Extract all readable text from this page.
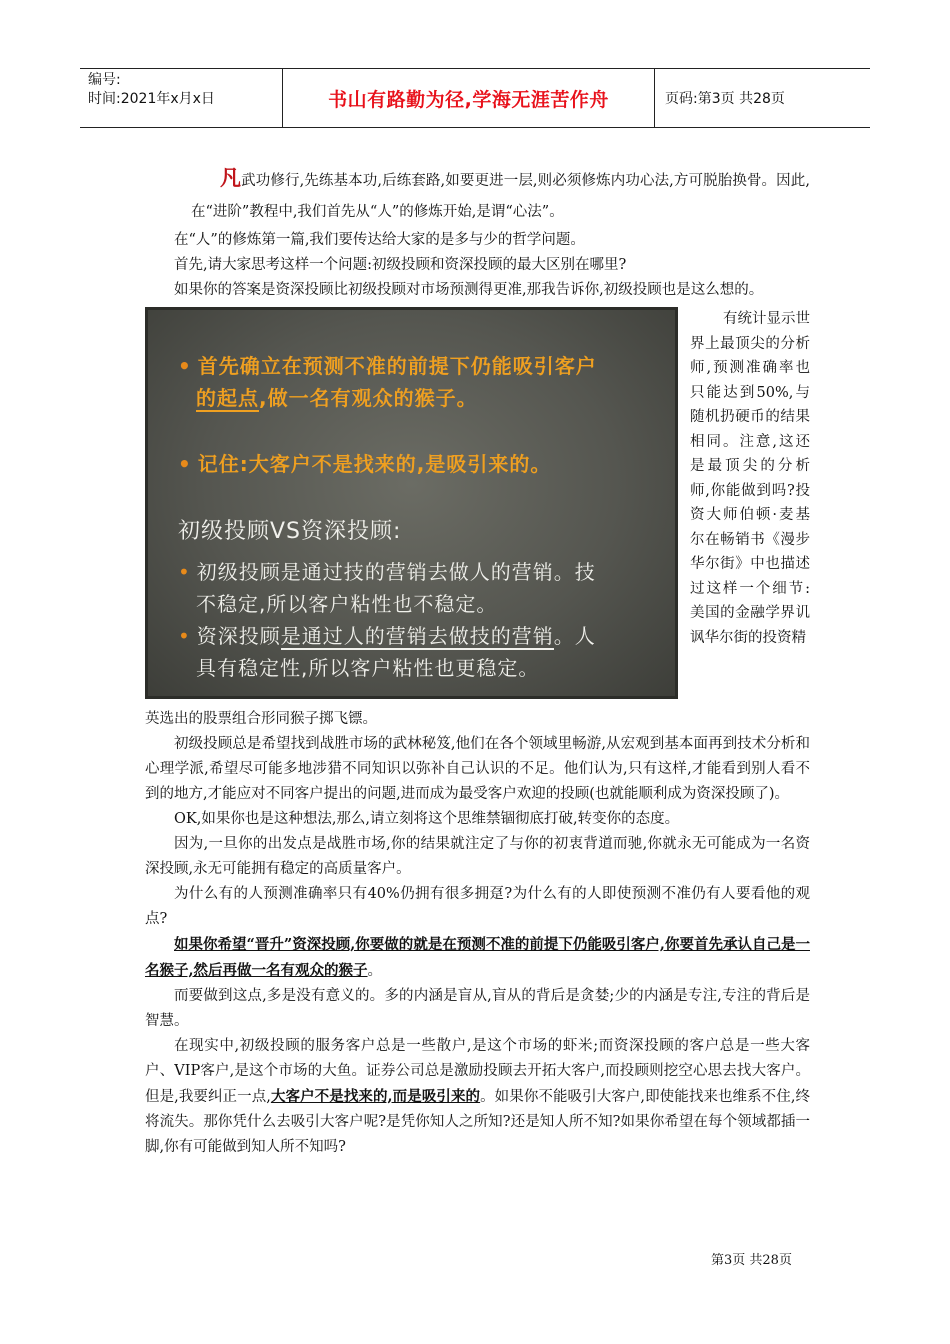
编号:
时间:2021年x月x日	书山有路勤为径,学海无涯苦作舟	页码:第3页 共28页

凡武功修行,先练基本功,后练套路,如要更进一层,则必须修炼内功心法,方可脱胎换骨。因此,在“进阶”教程中,我们首先从“人”的修炼开始,是谓“心法”。

在“人”的修炼第一篇,我们要传达给大家的是多与少的哲学问题。

首先,请大家思考这样一个问题:初级投顾和资深投顾的最大区别在哪里?

如果你的答案是资深投顾比初级投顾对市场预测得更准,那我告诉你,初级投顾也是这么想的。

• 首先确立在预测不准的前提下仍能吸引客户
的起点,做一名有观众的猴子。
• 记住:大客户不是找来的,是吸引来的。
初级投顾VS资深投顾:
• 初级投顾是通过技的营销去做人的营销。技
不稳定,所以客户粘性也不稳定。
• 资深投顾是通过人的营销去做技的营销。人
具有稳定性,所以客户粘性也更稳定。
有统计显示世界上最顶尖的分析师,预测准确率也只能达到50%,与随机扔硬币的结果相同。注意,这还是最顶尖的分析师,你能做到吗?投资大师伯顿·麦基尔在畅销书《漫步华尔街》中也描述过这样一个细节:美国的金融学界讥讽华尔街的投资精

英选出的股票组合形同猴子掷飞镖。

初级投顾总是希望找到战胜市场的武林秘笈,他们在各个领域里畅游,从宏观到基本面再到技术分析和心理学派,希望尽可能多地涉猎不同知识以弥补自己认识的不足。他们认为,只有这样,才能看到别人看不到的地方,才能应对不同客户提出的问题,进而成为最受客户欢迎的投顾(也就能顺利成为资深投顾了)。

OK,如果你也是这种想法,那么,请立刻将这个思维禁锢彻底打破,转变你的态度。

因为,一旦你的出发点是战胜市场,你的结果就注定了与你的初衷背道而驰,你就永无可能成为一名资深投顾,永无可能拥有稳定的高质量客户。

为什么有的人预测准确率只有40%仍拥有很多拥趸?为什么有的人即使预测不准仍有人要看他的观点?

如果你希望“晋升”资深投顾,你要做的就是在预测不准的前提下仍能吸引客户,你要首先承认自己是一名猴子,然后再做一名有观众的猴子。

而要做到这点,多是没有意义的。多的内涵是盲从,盲从的背后是贪婪;少的内涵是专注,专注的背后是智慧。

在现实中,初级投顾的服务客户总是一些散户,是这个市场的虾米;而资深投顾的客户总是一些大客户、VIP客户,是这个市场的大鱼。证券公司总是激励投顾去开拓大客户,而投顾则挖空心思去找大客户。但是,我要纠正一点,大客户不是找来的,而是吸引来的。如果你不能吸引大客户,即使能找来也维系不住,终将流失。那你凭什么去吸引大客户呢?是凭你知人之所知?还是知人所不知?如果你希望在每个领域都插一脚,你有可能做到知人所不知吗?

第3页 共28页
